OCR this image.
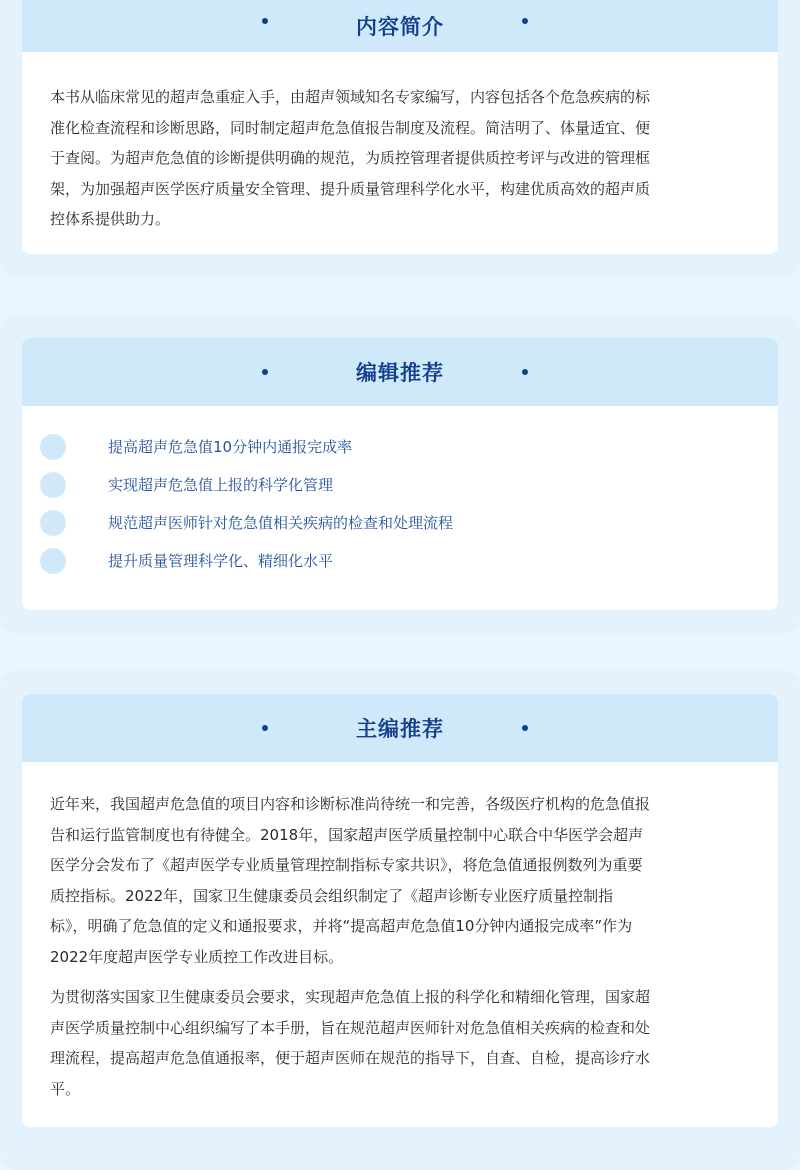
内容简介
本书从临床常见的超声急重症入手，由超声领域知名专家编写，内容包括各个危急疾病的标
准化检查流程和诊断思路，同时制定超声危急值报告制度及流程。简洁明了、体量适宜、便
于查阅。为超声危急值的诊断提供明确的规范，为质控管理者提供质控考评与改进的管理框
架，为加强超声医学医疗质量安全管理、提升质量管理科学化水平，构建优质高效的超声质
控体系提供助力。
编辑推荐
提高超声危急值10分钟内通报完成率
实现超声危急值上报的科学化管理
规范超声医师针对危急值相关疾病的检查和处理流程
提升质量管理科学化、精细化水平
主编推荐
近年来，我国超声危急值的项目内容和诊断标准尚待统一和完善，各级医疗机构的危急值报
告和运行监管制度也有待健全。2018年，国家超声医学质量控制中心联合中华医学会超声
医学分会发布了《超声医学专业质量管理控制指标专家共识》，将危急值通报例数列为重要
质控指标。2022年，国家卫生健康委员会组织制定了《超声诊断专业医疗质量控制指
标》，明确了危急值的定义和通报要求，并将“提高超声危急值10分钟内通报完成率”作为
2022年度超声医学专业质控工作改进目标。
为贯彻落实国家卫生健康委员会要求，实现超声危急值上报的科学化和精细化管理，国家超
声医学质量控制中心组织编写了本手册，旨在规范超声医师针对危急值相关疾病的检查和处
理流程，提高超声危急值通报率，便于超声医师在规范的指导下，自查、自检，提高诊疗水
平。
